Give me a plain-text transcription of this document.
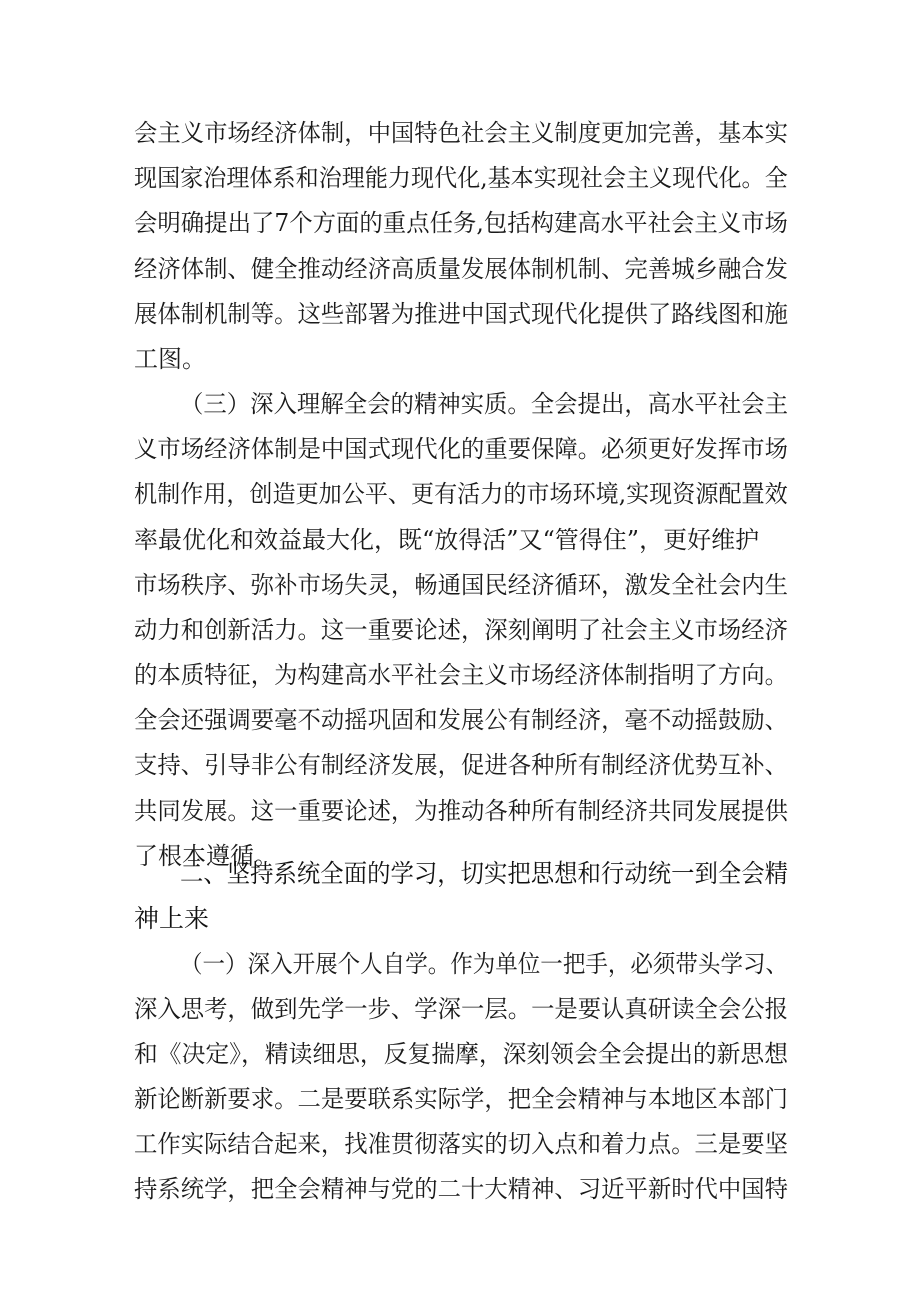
会主义市场经济体制，中国特色社会主义制度更加完善，基本实
现国家治理体系和治理能力现代化,基本实现社会主义现代化。全
会明确提出了7个方面的重点任务,包括构建高水平社会主义市场
经济体制、健全推动经济高质量发展体制机制、完善城乡融合发
展体制机制等。这些部署为推进中国式现代化提供了路线图和施
工图。
（三）深入理解全会的精神实质。全会提出，高水平社会主
义市场经济体制是中国式现代化的重要保障。必须更好发挥市场
机制作用，创造更加公平、更有活力的市场环境,实现资源配置效
率最优化和效益最大化，既“放得活”又“管得住”，更好维护
市场秩序、弥补市场失灵，畅通国民经济循环，激发全社会内生
动力和创新活力。这一重要论述，深刻阐明了社会主义市场经济
的本质特征，为构建高水平社会主义市场经济体制指明了方向。
全会还强调要毫不动摇巩固和发展公有制经济，毫不动摇鼓励、
支持、引导非公有制经济发展，促进各种所有制经济优势互补、
共同发展。这一重要论述，为推动各种所有制经济共同发展提供
了根本遵循。
二、坚持系统全面的学习，切实把思想和行动统一到全会精
神上来
（一）深入开展个人自学。作为单位一把手，必须带头学习、
深入思考，做到先学一步、学深一层。一是要认真研读全会公报
和《决定》，精读细思，反复揣摩，深刻领会全会提出的新思想
新论断新要求。二是要联系实际学，把全会精神与本地区本部门
工作实际结合起来，找准贯彻落实的切入点和着力点。三是要坚
持系统学，把全会精神与党的二十大精神、习近平新时代中国特
